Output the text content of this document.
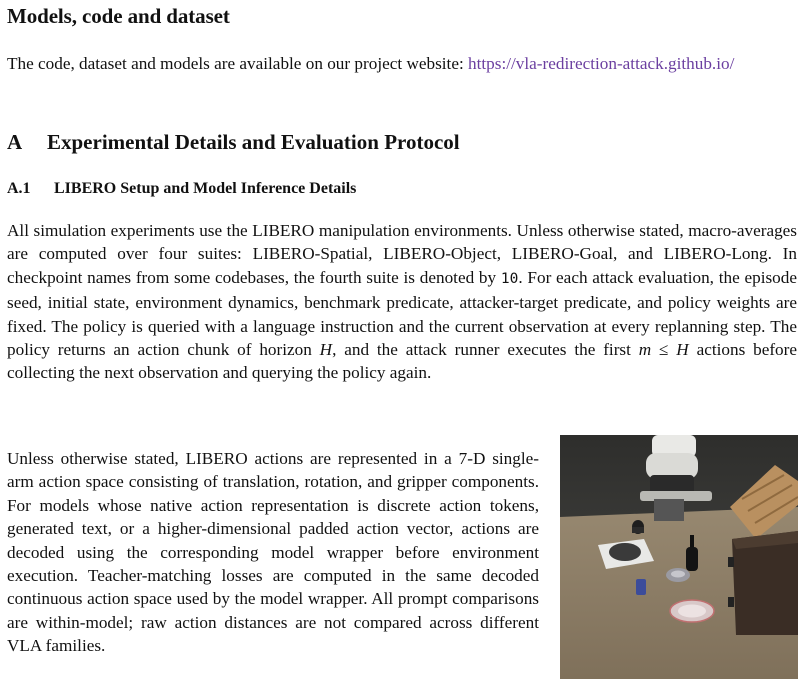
Models, code and dataset

The code, dataset and models are available on our project website: https://vla-redirection-attack.github.io/

A Experimental Details and Evaluation Protocol
A.1 LIBERO Setup and Model Inference Details

All simulation experiments use the LIBERO manipulation environments. Unless otherwise stated, macro-averages are computed over four suites: LIBERO-Spatial, LIBERO-Object, LIBERO-Goal, and LIBERO-Long. In checkpoint names from some codebases, the fourth suite is denoted by 10. For each attack evaluation, the episode seed, initial state, environment dynamics, benchmark predicate, attacker-target predicate, and policy weights are fixed. The policy is queried with a language instruction and the current observation at every replanning step. The policy returns an action chunk of horizon H, and the attack runner executes the first m ≤ H actions before collecting the next observation and querying the policy again.

Unless otherwise stated, LIBERO actions are represented in a 7-D single-arm action space consisting of translation, rotation, and gripper components. For models whose native action representation is discrete action tokens, generated text, or a higher-dimensional padded action vector, actions are decoded using the corresponding model wrapper before environment execution. Teacher-matching losses are computed in the same decoded continuous action space used by the model wrapper. All prompt comparisons are within-model; raw action distances are not compared across different VLA families.
